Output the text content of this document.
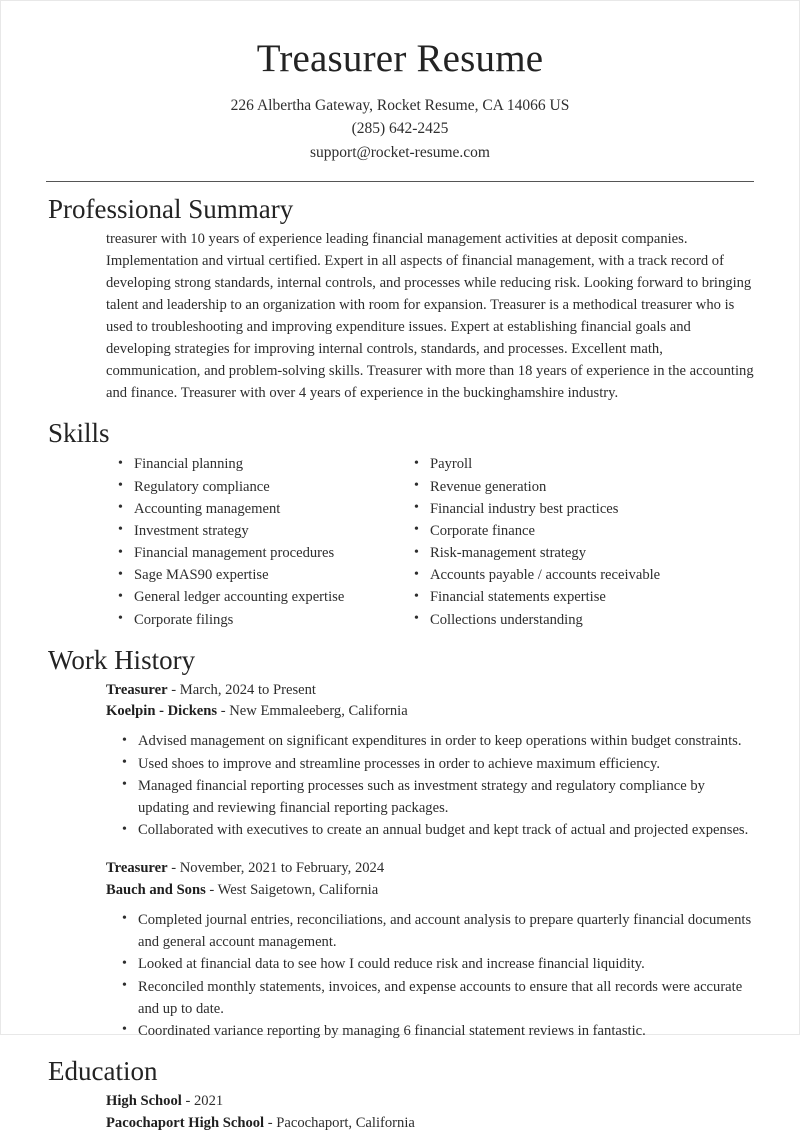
Treasurer Resume
226 Albertha Gateway, Rocket Resume, CA 14066 US
(285) 642-2425
support@rocket-resume.com
Professional Summary

treasurer with 10 years of experience leading financial management activities at deposit companies. Implementation and virtual certified. Expert in all aspects of financial management, with a track record of developing strong standards, internal controls, and processes while reducing risk. Looking forward to bringing talent and leadership to an organization with room for expansion. Treasurer is a methodical treasurer who is used to troubleshooting and improving expenditure issues. Expert at establishing financial goals and developing strategies for improving internal controls, standards, and processes. Excellent math, communication, and problem-solving skills. Treasurer with more than 18 years of experience in the accounting and finance. Treasurer with over 4 years of experience in the buckinghamshire industry.

Skills
• Financial planning
• Regulatory compliance
• Accounting management
• Investment strategy
• Financial management procedures
• Sage MAS90 expertise
• General ledger accounting expertise
• Corporate filings
• Payroll
• Revenue generation
• Financial industry best practices
• Corporate finance
• Risk-management strategy
• Accounts payable / accounts receivable
• Financial statements expertise
• Collections understanding
Work History
Treasurer - March, 2024 to Present
Koelpin - Dickens - New Emmaleeberg, California
• Advised management on significant expenditures in order to keep operations within budget constraints.
• Used shoes to improve and streamline processes in order to achieve maximum efficiency.
• Managed financial reporting processes such as investment strategy and regulatory compliance by updating and reviewing financial reporting packages.
• Collaborated with executives to create an annual budget and kept track of actual and projected expenses.
Treasurer - November, 2021 to February, 2024
Bauch and Sons - West Saigetown, California
• Completed journal entries, reconciliations, and account analysis to prepare quarterly financial documents and general account management.
• Looked at financial data to see how I could reduce risk and increase financial liquidity.
• Reconciled monthly statements, invoices, and expense accounts to ensure that all records were accurate and up to date.
• Coordinated variance reporting by managing 6 financial statement reviews in fantastic.
Education
High School - 2021
Pacochaport High School - Pacochaport, California
